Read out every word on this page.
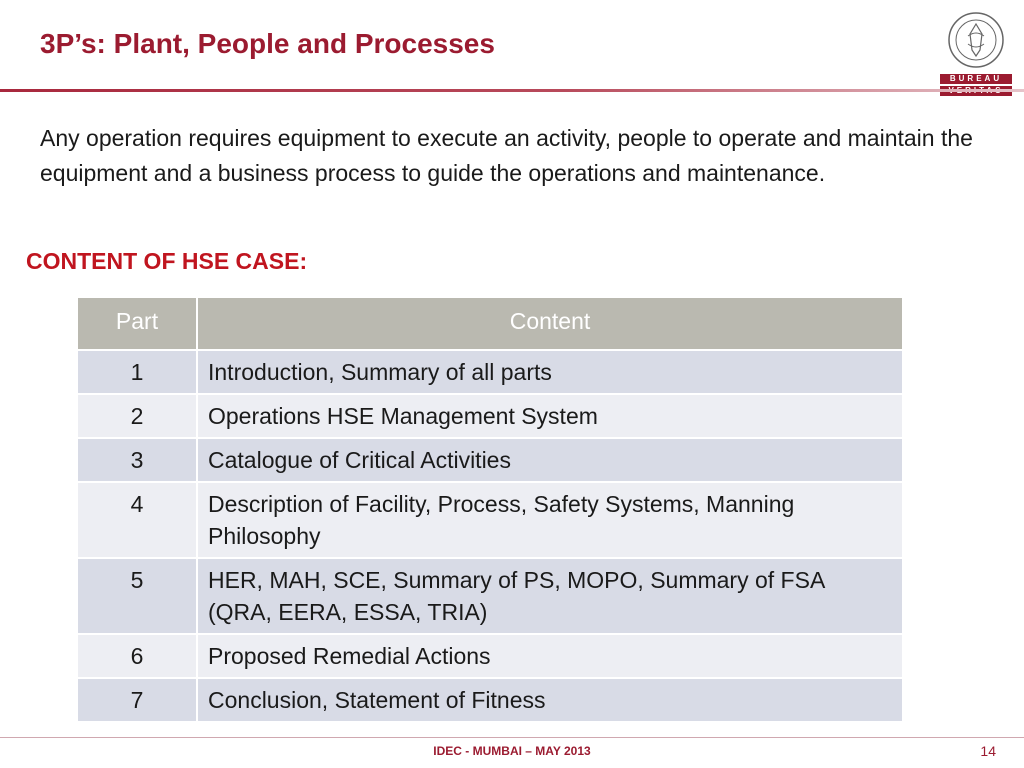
3P’s: Plant, People and Processes
BUREAU

Any operation requires equipment to execute an activity, people to operate and maintain the equipment and a business process to guide the operations and maintenance.

CONTENT OF HSE CASE:
Part	Content
1	Introduction, Summary of all parts
2	Operations HSE Management System
3	Catalogue of Critical Activities
4	Description of Facility, Process, Safety Systems, Manning Philosophy
5	HER, MAH, SCE, Summary of PS, MOPO, Summary of FSA (QRA, EERA, ESSA, TRIA)
6	Proposed Remedial Actions
7	Conclusion, Statement of Fitness
IDEC - MUMBAI – MAY 2013	14
